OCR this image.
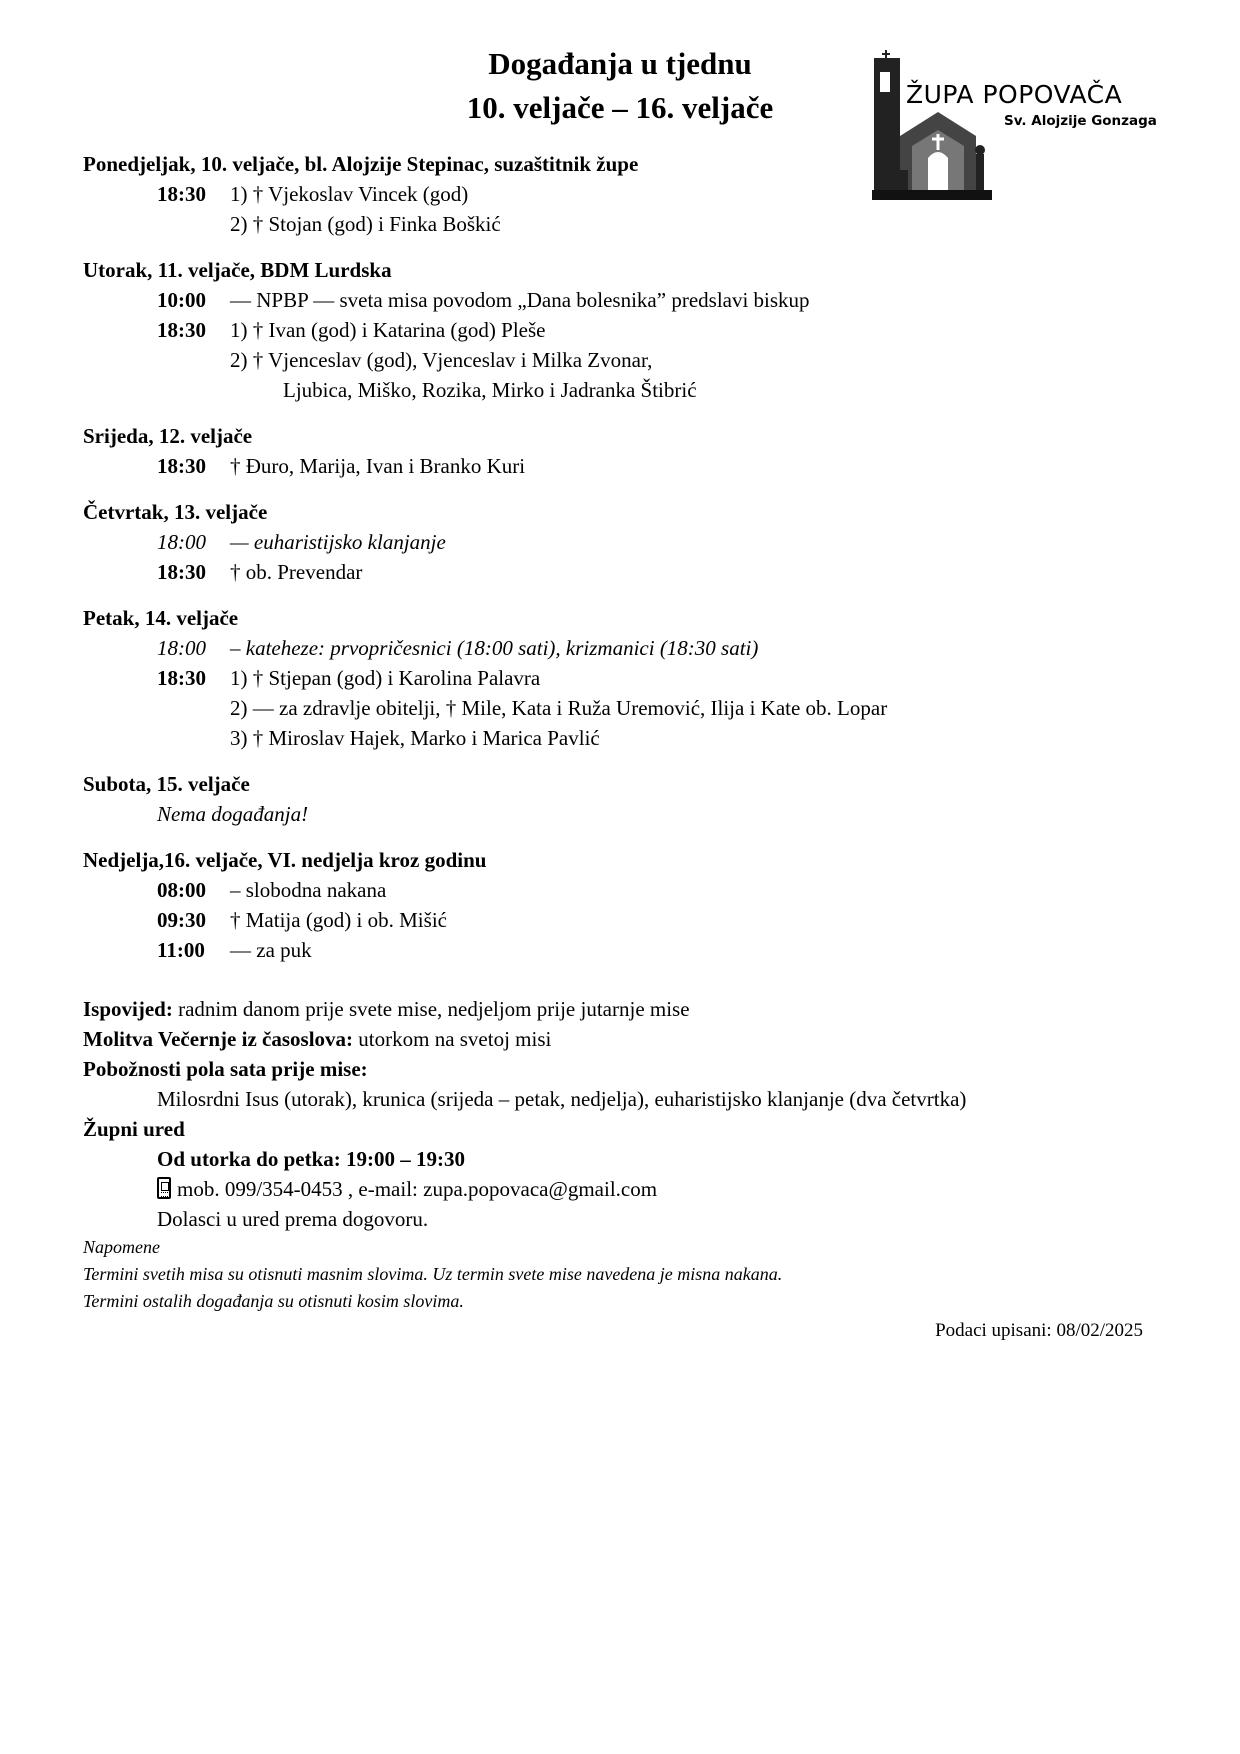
Događanja u tjednu
10. veljače – 16. veljače	ŽUPA POPOVAČA
Sv. Alojzije Gonzaga
Ponedjeljak, 10. veljače, bl. Alojzije Stepinac, suzaštitnik župe
18:30 1) † Vjekoslav Vincek (god)
2) † Stojan (god) i Finka Boškić
Utorak, 11. veljače, BDM Lurdska
10:00 — NPBP — sveta misa povodom „Dana bolesnika” predslavi biskup
18:30 1) † Ivan (god) i Katarina (god) Pleše
2) † Vjenceslav (god), Vjenceslav i Milka Zvonar,
Ljubica, Miško, Rozika, Mirko i Jadranka Štibrić
Srijeda, 12. veljače
18:30 † Đuro, Marija, Ivan i Branko Kuri
Četvrtak, 13. veljače
18:00 — euharistijsko klanjanje
18:30 † ob. Prevendar
Petak, 14. veljače
18:00 – kateheze: prvopričesnici (18:00 sati), krizmanici (18:30 sati)
18:30 1) † Stjepan (god) i Karolina Palavra
2) — za zdravlje obitelji, † Mile, Kata i Ruža Uremović, Ilija i Kate ob. Lopar
3) † Miroslav Hajek, Marko i Marica Pavlić
Subota, 15. veljače
Nema događanja!
Nedjelja,16. veljače, VI. nedjelja kroz godinu
08:00 – slobodna nakana
09:30 † Matija (god) i ob. Mišić
11:00 — za puk
Ispovijed: radnim danom prije svete mise, nedjeljom prije jutarnje mise
Molitva Večernje iz časoslova: utorkom na svetoj misi
Pobožnosti pola sata prije mise:
Milosrdni Isus (utorak), krunica (srijeda – petak, nedjelja), euharistijsko klanjanje (dva četvrtka)
Župni ured
Od utorka do petka: 19:00 – 19:30
mob. 099/354-0453 , e-mail: zupa.popovaca@gmail.com
Dolasci u ured prema dogovoru.
Napomene
Termini svetih misa su otisnuti masnim slovima. Uz termin svete mise navedena je misna nakana.
Termini ostalih događanja su otisnuti kosim slovima.
Podaci upisani: 08/02/2025
